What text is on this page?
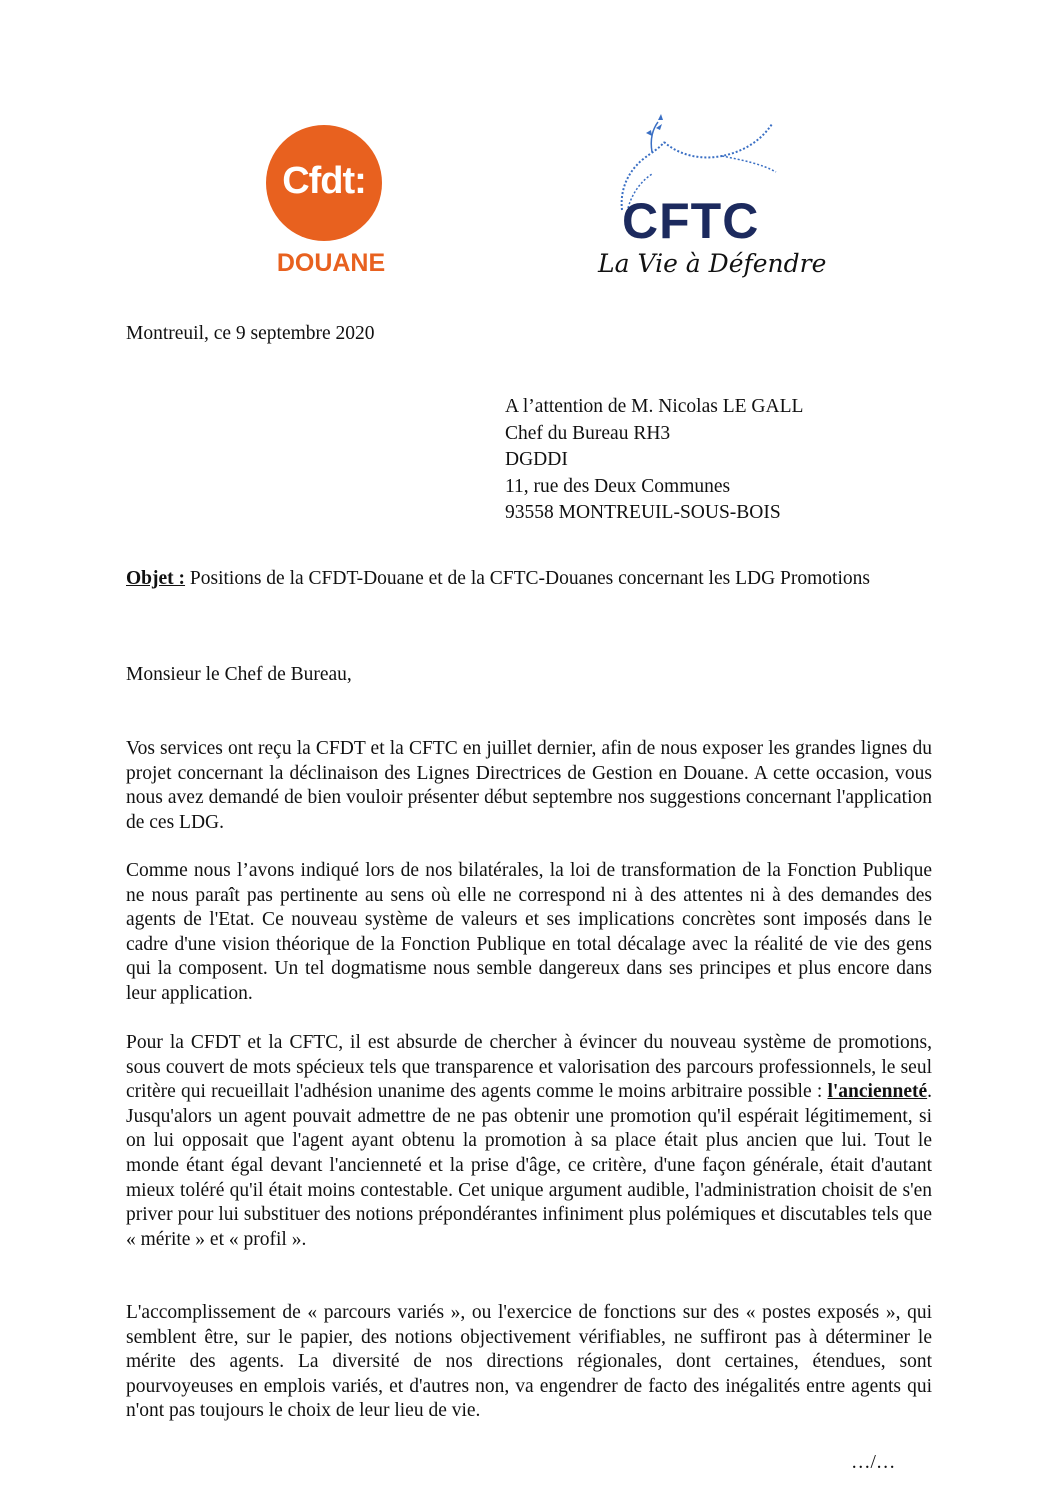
Cfdt:
DOUANE
CFTC
La Vie à Défendre
Montreuil, ce 9 septembre 2020
A l’attention de M. Nicolas LE GALL
Chef du Bureau RH3
DGDDI
11, rue des Deux Communes
93558 MONTREUIL-SOUS-BOIS
Objet : Positions de la CFDT-Douane et de la CFTC-Douanes concernant les LDG Promotions
Monsieur le Chef de Bureau,
Vos services ont reçu la CFDT et la CFTC en juillet dernier, afin de nous exposer les grandes lignes du projet concernant la déclinaison des Lignes Directrices de Gestion en Douane. A cette occasion, vous nous avez demandé de bien vouloir présenter début septembre nos suggestions concernant l'application de ces LDG.
Comme nous l’avons indiqué lors de nos bilatérales, la loi de transformation de la Fonction Publique ne nous paraît pas pertinente au sens où elle ne correspond ni à des attentes ni à des demandes des agents de l'Etat. Ce nouveau système de valeurs et ses implications concrètes sont imposés dans le cadre d'une vision théorique de la Fonction Publique en total décalage avec la réalité de vie des gens qui la composent. Un tel dogmatisme nous semble dangereux dans ses principes et plus encore dans leur application.
Pour la CFDT et la CFTC, il est absurde de chercher à évincer du nouveau système de promotions, sous couvert de mots spécieux tels que transparence et valorisation des parcours professionnels, le seul critère qui recueillait l'adhésion unanime des agents comme le moins arbitraire possible : l'ancienneté. Jusqu'alors un agent pouvait admettre de ne pas obtenir une promotion qu'il espérait légitimement, si on lui opposait que l'agent ayant obtenu la promotion à sa place était plus ancien que lui. Tout le monde étant égal devant l'ancienneté et la prise d'âge, ce critère, d'une façon générale, était d'autant mieux toléré qu'il était moins contestable. Cet unique argument audible, l'administration choisit de s'en priver pour lui substituer des notions prépondérantes infiniment plus polémiques et discutables tels que « mérite » et « profil ».
L'accomplissement de « parcours variés », ou l'exercice de fonctions sur des « postes exposés », qui semblent être, sur le papier, des notions objectivement vérifiables, ne suffiront pas à déterminer le mérite des agents. La diversité de nos directions régionales, dont certaines, étendues, sont pourvoyeuses en emplois variés, et d'autres non, va engendrer de facto des inégalités entre agents qui n'ont pas toujours le choix de leur lieu de vie.
…/…
